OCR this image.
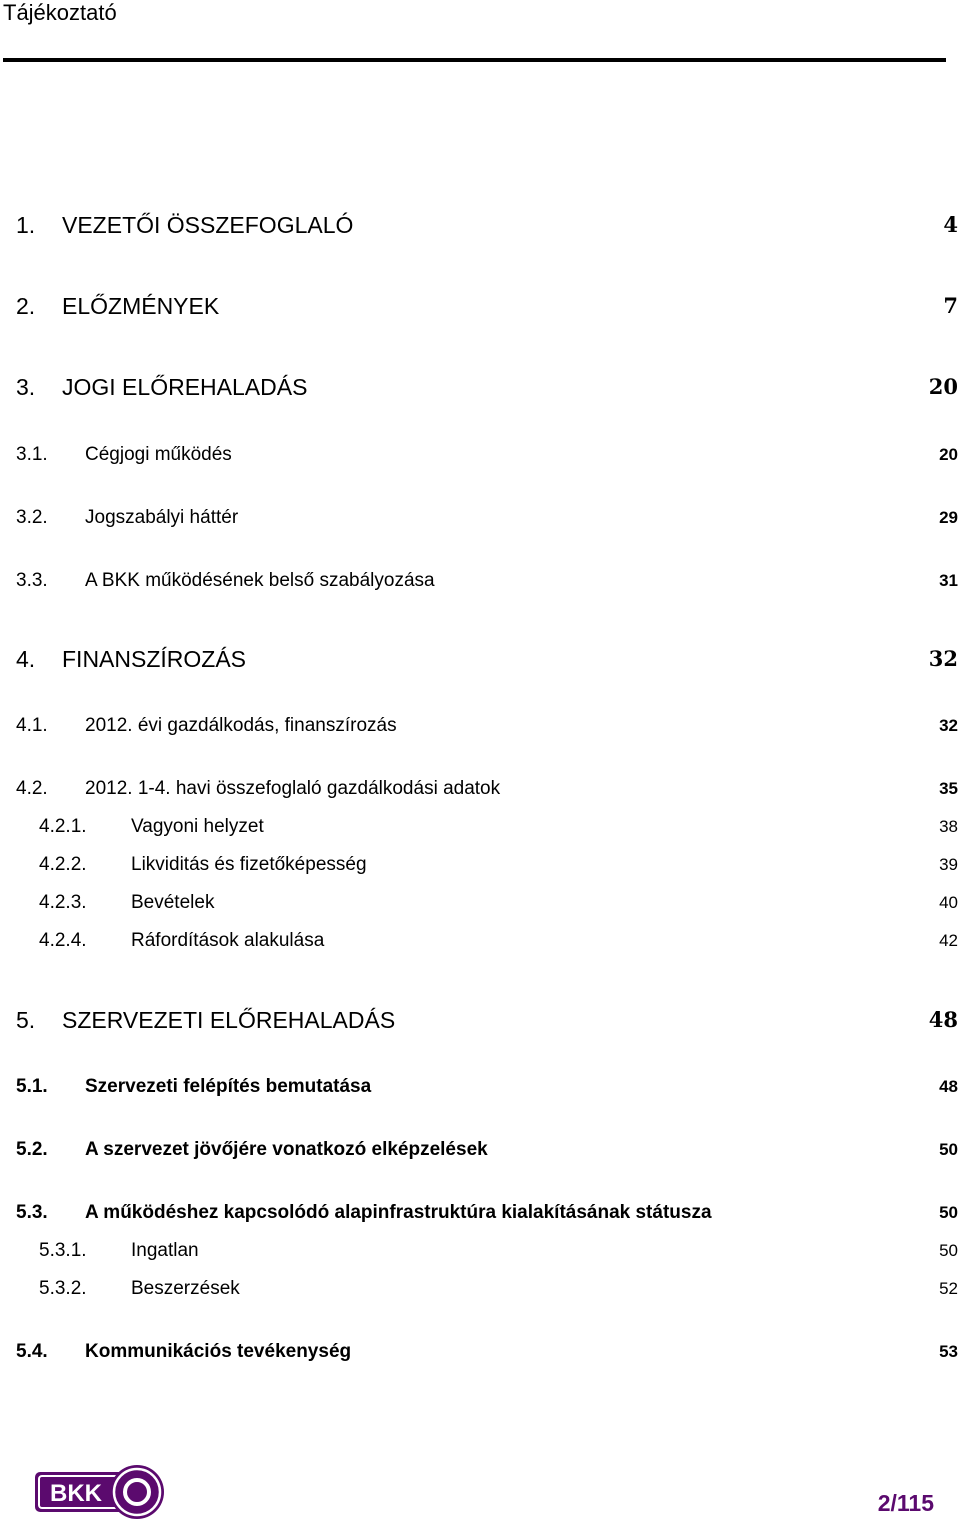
Tájékoztató
1. VEZETŐI ÖSSZEFOGLALÓ	4
2. ELŐZMÉNYEK	7
3. JOGI ELŐREHALADÁS	20
3.1. Cégjogi működés	20
3.2. Jogszabályi háttér	29
3.3. A BKK működésének belső szabályozása	31
4. FINANSZÍROZÁS	32
4.1. 2012. évi gazdálkodás, finanszírozás	32
4.2. 2012. 1-4. havi összefoglaló gazdálkodási adatok	35
4.2.1. Vagyoni helyzet	38
4.2.2. Likviditás és fizetőképesség	39
4.2.3. Bevételek	40
4.2.4. Ráfordítások alakulása	42
5. SZERVEZETI ELŐREHALADÁS	48
5.1. Szervezeti felépítés bemutatása	48
5.2. A szervezet jövőjére vonatkozó elképzelések	50
5.3. A működéshez kapcsolódó alapinfrastruktúra kialakításának státusza	50
5.3.1. Ingatlan	50
5.3.2. Beszerzések	52
5.4. Kommunikációs tevékenység	53
BKK	2/115
